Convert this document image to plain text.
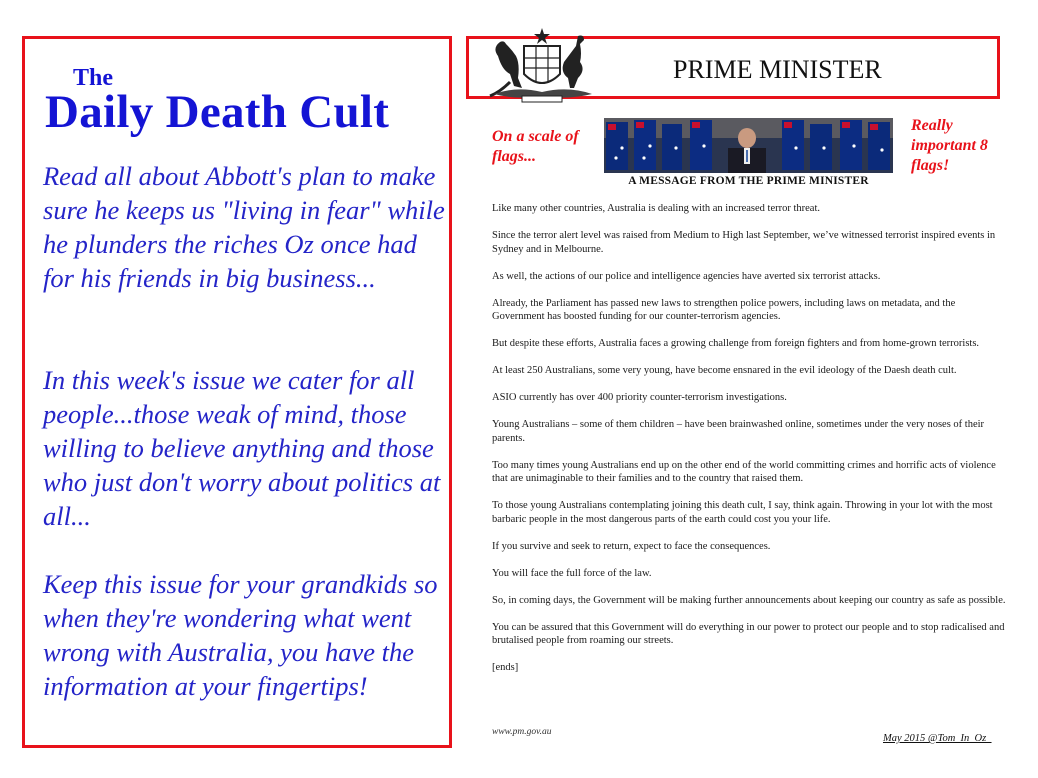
The
Daily Death Cult
Read all about Abbott's plan to make sure he keeps us "living in fear" while he plunders the riches Oz once had for his friends in big business...
In this week's issue we cater for all people...those weak of mind, those willing to believe anything and those who just don't worry about politics at all...
Keep this issue for your grandkids so when they're wondering what went wrong with Australia, you have the information at your fingertips!
PRIME MINISTER
On a scale of flags...
Really important 8 flags!
A MESSAGE FROM THE PRIME MINISTER

Like many other countries, Australia is dealing with an increased terror threat.

Since the terror alert level was raised from Medium to High last September, we’ve witnessed terrorist inspired events in Sydney and in Melbourne.

As well, the actions of our police and intelligence agencies have averted six terrorist attacks.

Already, the Parliament has passed new laws to strengthen police powers, including laws on metadata, and the Government has boosted funding for our counter-terrorism agencies.

But despite these efforts, Australia faces a growing challenge from foreign fighters and from home-grown terrorists.

At least 250 Australians, some very young, have become ensnared in the evil ideology of the Daesh death cult.

ASIO currently has over 400 priority counter-terrorism investigations.

Young Australians – some of them children – have been brainwashed online, sometimes under the very noses of their parents.

Too many times young Australians end up on the other end of the world committing crimes and horrific acts of violence that are unimaginable to their families and to the country that raised them.

To those young Australians contemplating joining this death cult, I say, think again. Throwing in your lot with the most barbaric people in the most dangerous parts of the earth could cost you your life.

If you survive and seek to return, expect to face the consequences.

You will face the full force of the law.

So, in coming days, the Government will be making further announcements about keeping our country as safe as possible.

You can be assured that this Government will do everything in our power to protect our people and to stop radicalised and brutalised people from roaming our streets.

[ends]

www.pm.gov.au
May 2015 @Tom_In_Oz_
